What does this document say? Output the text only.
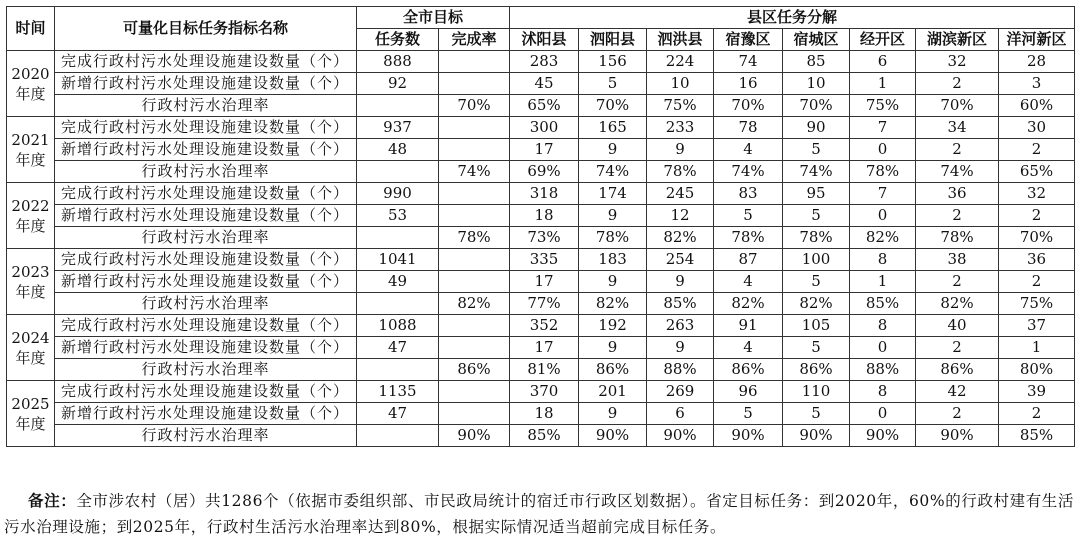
时间	可量化目标任务指标名称	全市目标		县区任务分解							
		任务数	完成率	沭阳县	泗阳县	泗洪县	宿豫区	宿城区	经开区	湖滨新区	洋河新区
2020
年度	完成行政村污水处理设施建设数量（个）	888		283	156	224	74	85	6	32	28
	新增行政村污水处理设施建设数量（个）	92		45	5	10	16	10	1	2	3
	行政村污水治理率		70%	65%	70%	75%	70%	70%	75%	70%	60%
2021
年度	完成行政村污水处理设施建设数量（个）	937		300	165	233	78	90	7	34	30
	新增行政村污水处理设施建设数量（个）	48		17	9	9	4	5	0	2	2
	行政村污水治理率		74%	69%	74%	78%	74%	74%	78%	74%	65%
2022
年度	完成行政村污水处理设施建设数量（个）	990		318	174	245	83	95	7	36	32
	新增行政村污水处理设施建设数量（个）	53		18	9	12	5	5	0	2	2
	行政村污水治理率		78%	73%	78%	82%	78%	78%	82%	78%	70%
2023
年度	完成行政村污水处理设施建设数量（个）	1041		335	183	254	87	100	8	38	36
	新增行政村污水处理设施建设数量（个）	49		17	9	9	4	5	1	2	2
	行政村污水治理率		82%	77%	82%	85%	82%	82%	85%	82%	75%
2024
年度	完成行政村污水处理设施建设数量（个）	1088		352	192	263	91	105	8	40	37
	新增行政村污水处理设施建设数量（个）	47		17	9	9	4	5	0	2	1
	行政村污水治理率		86%	81%	86%	88%	86%	86%	88%	86%	80%
2025
年度	完成行政村污水处理设施建设数量（个）	1135		370	201	269	96	110	8	42	39
	新增行政村污水处理设施建设数量（个）	47		18	9	6	5	5	0	2	2
	行政村污水治理率		90%	85%	90%	90%	90%	90%	90%	90%	85%
备注：全市涉农村（居）共1286个（依据市委组织部、市民政局统计的宿迁市行政区划数据）。省定目标任务：到2020年，60%的行政村建有生活污水治理设施；到2025年，行政村生活污水治理率达到80%，根据实际情况适当超前完成目标任务。
